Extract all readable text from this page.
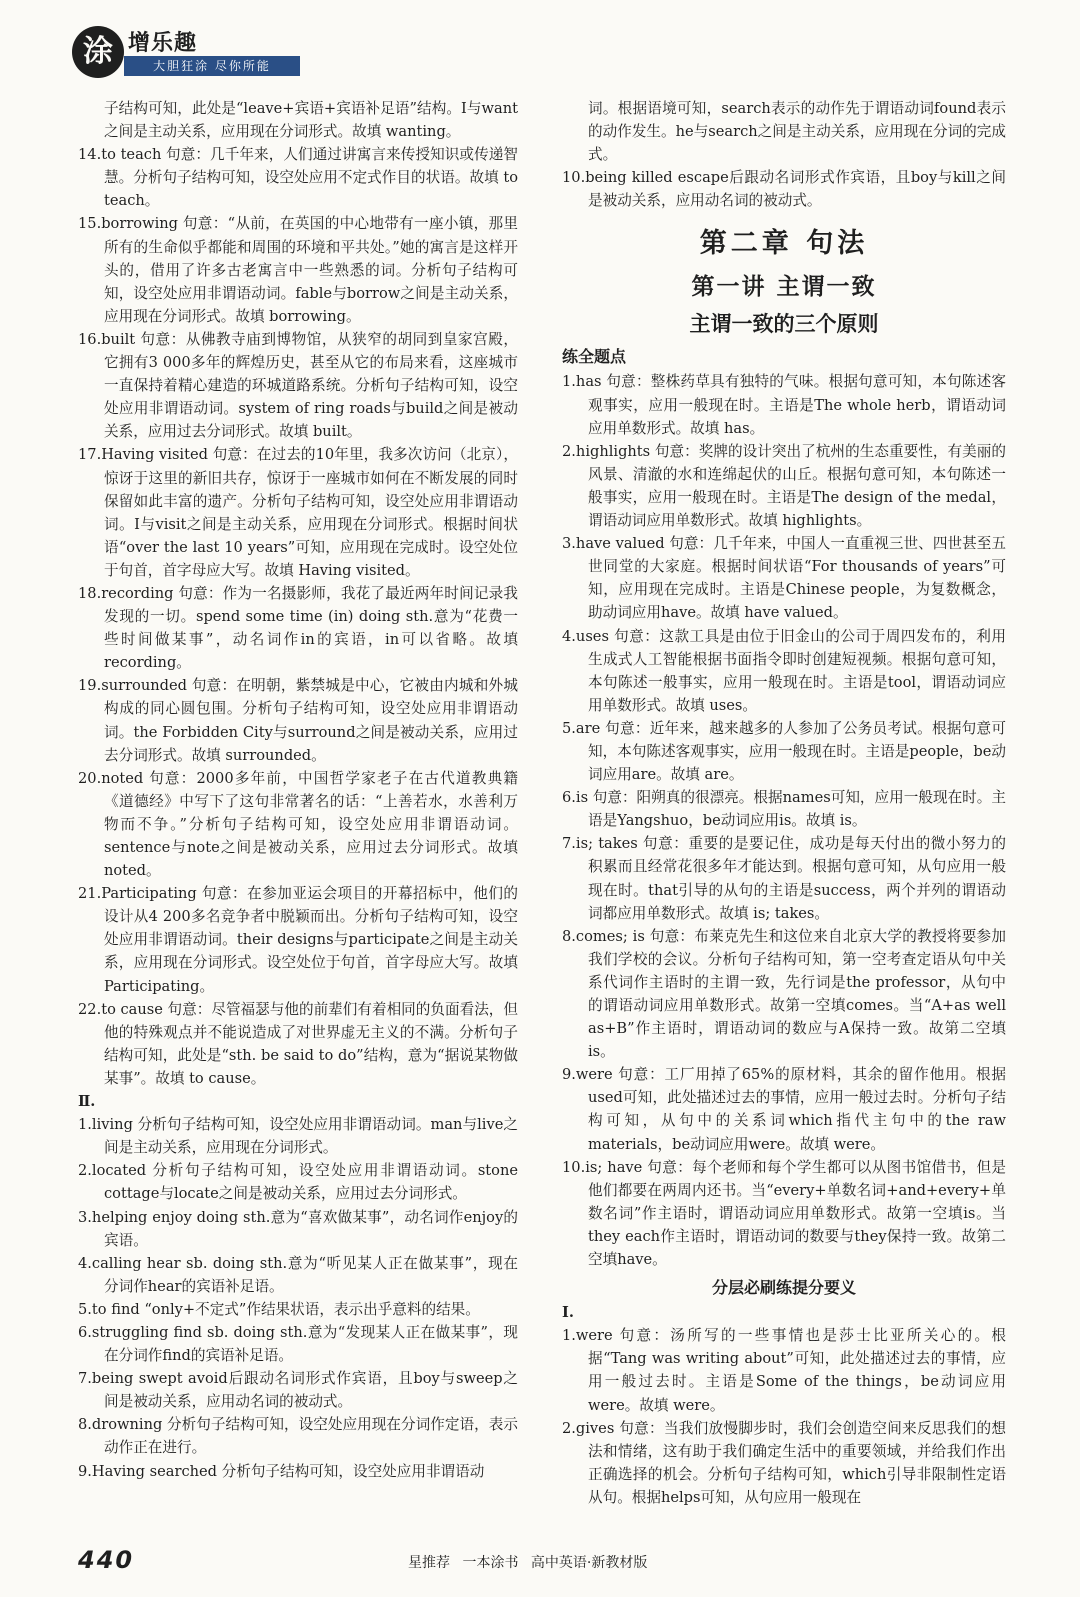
涂 增乐趣
大胆狂涂 尽你所能

子结构可知，此处是“leave+宾语+宾语补足语”结构。I与want之间是主动关系，应用现在分词形式。故填 wanting。

14.to teach 句意：几千年来，人们通过讲寓言来传授知识或传递智慧。分析句子结构可知，设空处应用不定式作目的状语。故填 to teach。

15.borrowing 句意：“从前，在英国的中心地带有一座小镇，那里所有的生命似乎都能和周围的环境和平共处。”她的寓言是这样开头的，借用了许多古老寓言中一些熟悉的词。分析句子结构可知，设空处应用非谓语动词。fable与borrow之间是主动关系，应用现在分词形式。故填 borrowing。

16.built 句意：从佛教寺庙到博物馆，从狭窄的胡同到皇家宫殿，它拥有3 000多年的辉煌历史，甚至从它的布局来看，这座城市一直保持着精心建造的环城道路系统。分析句子结构可知，设空处应用非谓语动词。system of ring roads与build之间是被动关系，应用过去分词形式。故填 built。

17.Having visited 句意：在过去的10年里，我多次访问（北京），惊讶于这里的新旧共存，惊讶于一座城市如何在不断发展的同时保留如此丰富的遗产。分析句子结构可知，设空处应用非谓语动词。I与visit之间是主动关系，应用现在分词形式。根据时间状语“over the last 10 years”可知，应用现在完成时。设空处位于句首，首字母应大写。故填 Having visited。

18.recording 句意：作为一名摄影师，我花了最近两年时间记录我发现的一切。spend some time (in) doing sth.意为“花费一些时间做某事”，动名词作in的宾语，in可以省略。故填 recording。

19.surrounded 句意：在明朝，紫禁城是中心，它被由内城和外城构成的同心圆包围。分析句子结构可知，设空处应用非谓语动词。the Forbidden City与surround之间是被动关系，应用过去分词形式。故填 surrounded。

20.noted 句意：2000多年前，中国哲学家老子在古代道教典籍《道德经》中写下了这句非常著名的话：“上善若水，水善利万物而不争。”分析句子结构可知，设空处应用非谓语动词。sentence与note之间是被动关系，应用过去分词形式。故填 noted。

21.Participating 句意：在参加亚运会项目的开幕招标中，他们的设计从4 200多名竞争者中脱颖而出。分析句子结构可知，设空处应用非谓语动词。their designs与participate之间是主动关系，应用现在分词形式。设空处位于句首，首字母应大写。故填 Participating。

22.to cause 句意：尽管福瑟与他的前辈们有着相同的负面看法，但他的特殊观点并不能说造成了对世界虚无主义的不满。分析句子结构可知，此处是“sth. be said to do”结构，意为“据说某物做某事”。故填 to cause。

Ⅱ.

1.living 分析句子结构可知，设空处应用非谓语动词。man与live之间是主动关系，应用现在分词形式。

2.located 分析句子结构可知，设空处应用非谓语动词。stone cottage与locate之间是被动关系，应用过去分词形式。

3.helping enjoy doing sth.意为“喜欢做某事”，动名词作enjoy的宾语。

4.calling hear sb. doing sth.意为“听见某人正在做某事”，现在分词作hear的宾语补足语。

5.to find “only+不定式”作结果状语，表示出乎意料的结果。

6.struggling find sb. doing sth.意为“发现某人正在做某事”，现在分词作find的宾语补足语。

7.being swept avoid后跟动名词形式作宾语，且boy与sweep之间是被动关系，应用动名词的被动式。

8.drowning 分析句子结构可知，设空处应用现在分词作定语，表示动作正在进行。

9.Having searched 分析句子结构可知，设空处应用非谓语动

词。根据语境可知，search表示的动作先于谓语动词found表示的动作发生。he与search之间是主动关系，应用现在分词的完成式。

10.being killed escape后跟动名词形式作宾语，且boy与kill之间是被动关系，应用动名词的被动式。

第二章 句法

第一讲 主谓一致

主谓一致的三个原则

练全题点

1.has 句意：整株药草具有独特的气味。根据句意可知，本句陈述客观事实，应用一般现在时。主语是The whole herb，谓语动词应用单数形式。故填 has。

2.highlights 句意：奖牌的设计突出了杭州的生态重要性，有美丽的风景、清澈的水和连绵起伏的山丘。根据句意可知，本句陈述一般事实，应用一般现在时。主语是The design of the medal，谓语动词应用单数形式。故填 highlights。

3.have valued 句意：几千年来，中国人一直重视三世、四世甚至五世同堂的大家庭。根据时间状语“For thousands of years”可知，应用现在完成时。主语是Chinese people，为复数概念，助动词应用have。故填 have valued。

4.uses 句意：这款工具是由位于旧金山的公司于周四发布的，利用生成式人工智能根据书面指令即时创建短视频。根据句意可知，本句陈述一般事实，应用一般现在时。主语是tool，谓语动词应用单数形式。故填 uses。

5.are 句意：近年来，越来越多的人参加了公务员考试。根据句意可知，本句陈述客观事实，应用一般现在时。主语是people，be动词应用are。故填 are。

6.is 句意：阳朔真的很漂亮。根据names可知，应用一般现在时。主语是Yangshuo，be动词应用is。故填 is。

7.is; takes 句意：重要的是要记住，成功是每天付出的微小努力的积累而且经常花很多年才能达到。根据句意可知，从句应用一般现在时。that引导的从句的主语是success，两个并列的谓语动词都应用单数形式。故填 is; takes。

8.comes; is 句意：布莱克先生和这位来自北京大学的教授将要参加我们学校的会议。分析句子结构可知，第一空考查定语从句中关系代词作主语时的主谓一致，先行词是the professor，从句中的谓语动词应用单数形式。故第一空填comes。当“A+as well as+B”作主语时，谓语动词的数应与A保持一致。故第二空填is。

9.were 句意：工厂用掉了65%的原材料，其余的留作他用。根据used可知，此处描述过去的事情，应用一般过去时。分析句子结构可知，从句中的关系词which指代主句中的the raw materials，be动词应用were。故填 were。

10.is; have 句意：每个老师和每个学生都可以从图书馆借书，但是他们都要在两周内还书。当“every+单数名词+and+every+单数名词”作主语时，谓语动词应用单数形式。故第一空填is。当they each作主语时，谓语动词的数要与they保持一致。故第二空填have。

分层必刷练提分要义

Ⅰ.

1.were 句意：汤所写的一些事情也是莎士比亚所关心的。根据“Tang was writing about”可知，此处描述过去的事情，应用一般过去时。主语是Some of the things，be动词应用were。故填 were。

2.gives 句意：当我们放慢脚步时，我们会创造空间来反思我们的想法和情绪，这有助于我们确定生活中的重要领域，并给我们作出正确选择的机会。分析句子结构可知，which引导非限制性定语从句。根据helps可知，从句应用一般现在

440	星推荐 一本涂书 高中英语·新教材版
